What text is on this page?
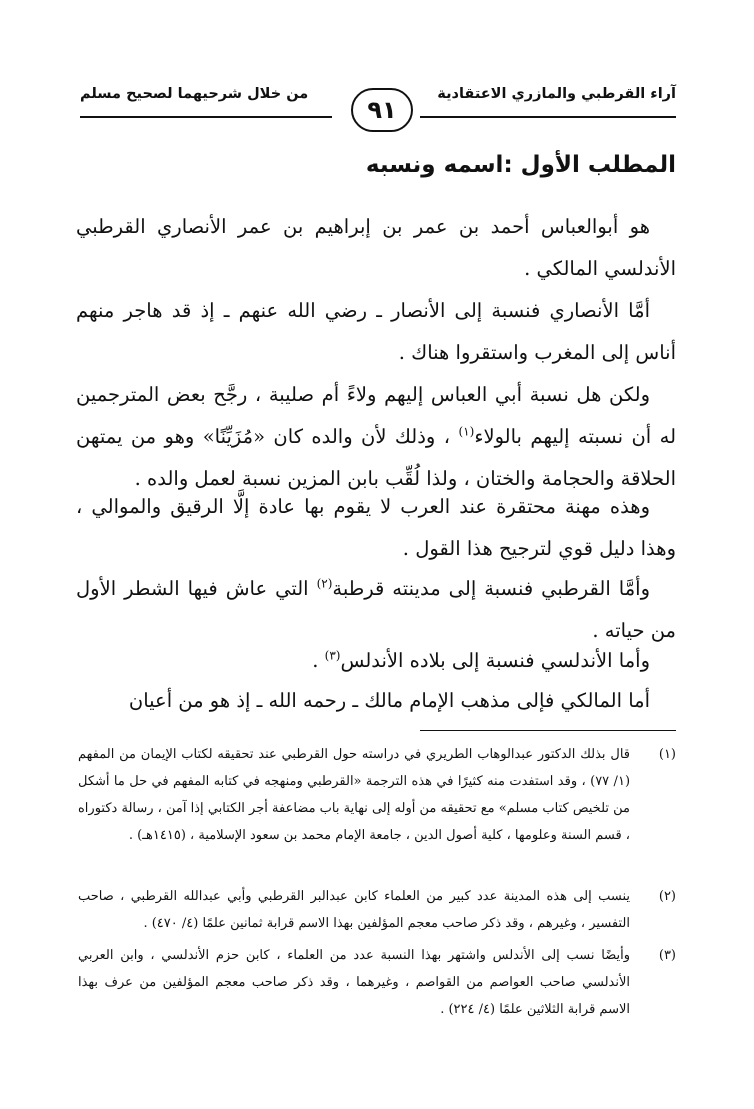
آراء القرطبي والمازري الاعتقادية
من خلال شرحيهما لصحيح مسلم
٩١
المطلب الأول :اسمه ونسبه

هو أبوالعباس أحمد بن عمر بن إبراهيم بن عمر الأنصاري القرطبي الأندلسي المالكي .

أمَّا الأنصاري فنسبة إلى الأنصار ـ رضي الله عنهم ـ إذ قد هاجر منهم أناس إلى المغرب واستقروا هناك .

ولكن هل نسبة أبي العباس إليهم ولاءً أم صليبة ، رجَّح بعض المترجمين له أن نسبته إليهم بالولاء$^{(١)}$ ، وذلك لأن والده كان «مُزَيِّنًا» وهو من يمتهن الحلاقة والحجامة والختان ، ولذا لُقِّب بابن المزين نسبة لعمل والده .

وهذه مهنة محتقرة عند العرب لا يقوم بها عادة إلَّا الرقيق والموالي ، وهذا دليل قوي لترجيح هذا القول .

وأمَّا القرطبي فنسبة إلى مدينته قرطبة$^{(٢)}$ التي عاش فيها الشطر الأول من حياته .

وأما الأندلسي فنسبة إلى بلاده الأندلس$^{(٣)}$ .

أما المالكي فإلى مذهب الإمام مالك ـ رحمه الله ـ إذ هو من أعيان

(١)
قال بذلك الدكتور عبدالوهاب الطريري في دراسته حول القرطبي عند تحقيقه لكتاب الإيمان من المفهم (١/ ٧٧) ، وقد استفدت منه كثيرًا في هذه الترجمة «القرطبي ومنهجه في كتابه المفهم في حل ما أشكل من تلخيص كتاب مسلم» مع تحقيقه من أوله إلى نهاية باب مضاعفة أجر الكتابي إذا آمن ، رسالة دكتوراه ، قسم السنة وعلومها ، كلية أصول الدين ، جامعة الإمام محمد بن سعود الإسلامية ، (١٤١٥هـ) .
(٢)
ينسب إلى هذه المدينة عدد كبير من العلماء كابن عبدالبر القرطبي وأبي عبدالله القرطبي ، صاحب التفسير ، وغيرهم ، وقد ذكر صاحب معجم المؤلفين بهذا الاسم قرابة ثمانين علمًا (٤/ ٤٧٠) .
(٣)
وأيضًا نسب إلى الأندلس واشتهر بهذا النسبة عدد من العلماء ، كابن حزم الأندلسي ، وابن العربي الأندلسي صاحب العواصم من القواصم ، وغيرهما ، وقد ذكر صاحب معجم المؤلفين من عرف بهذا الاسم قرابة الثلاثين علمًا (٤/ ٢٢٤) .
